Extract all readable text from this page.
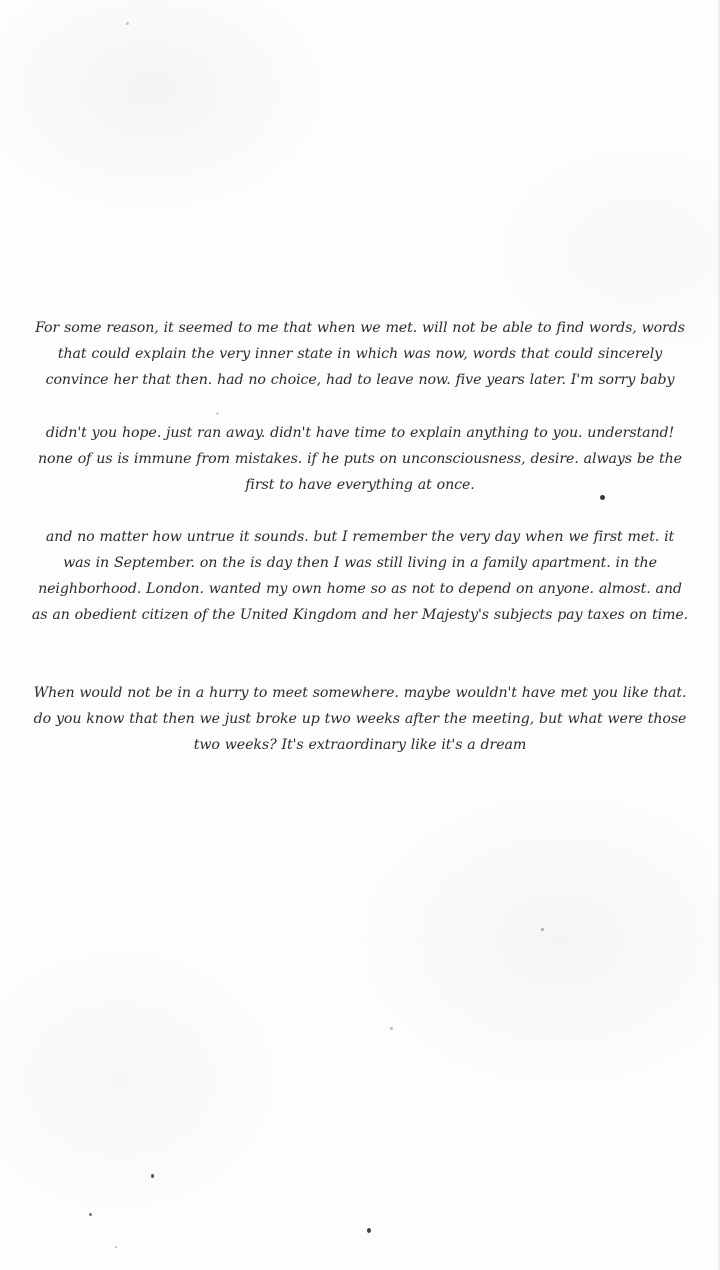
For some reason, it seemed to me that when we met. will not be able to find words, words that could explain the very inner state in which was now, words that could sincerely convince her that then. had no choice, had to leave now. five years later. I'm sorry baby

didn't you hope. just ran away. didn't have time to explain anything to you. understand! none of us is immune from mistakes. if he puts on unconsciousness, desire. always be the first to have everything at once.

and no matter how untrue it sounds. but I remember the very day when we first met. it was in September. on the is day then I was still living in a family apartment. in the neighborhood. London. wanted my own home so as not to depend on anyone. almost. and as an obedient citizen of the United Kingdom and her Majesty's subjects pay taxes on time.

When would not be in a hurry to meet somewhere. maybe wouldn't have met you like that. do you know that then we just broke up two weeks after the meeting, but what were those two weeks? It's extraordinary like it's a dream
